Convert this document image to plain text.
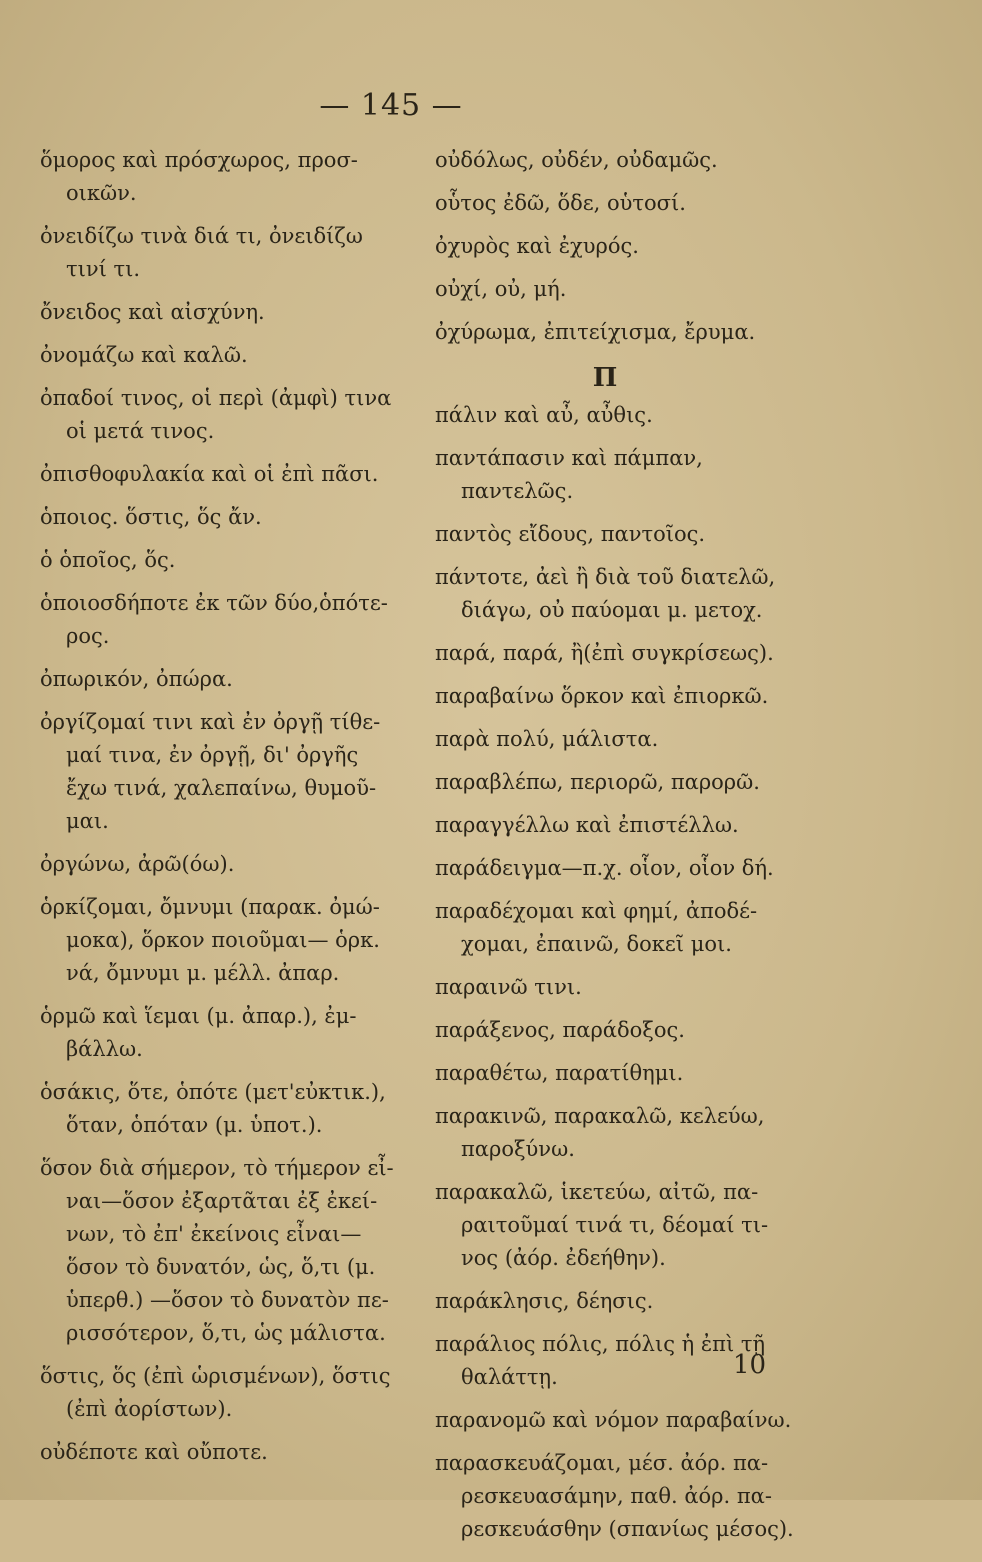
— 145 —
ὅμορος καὶ πρόσχωρος, προσ-
οικῶν.
ὀνειδίζω τινὰ διά τι, ὀνειδίζω
τινί τι.
ὄνειδος καὶ αἰσχύνη.
ὀνομάζω καὶ καλῶ.
ὀπαδοί τινος, οἱ περὶ (ἀμφὶ) τινα
οἱ μετά τινος.
ὀπισθοφυλακία καὶ οἱ ἐπὶ πᾶσι.
ὁποιος. ὅστις, ὅς ἄν.
ὁ ὁποῖος, ὅς.
ὁποιοσδήποτε ἐκ τῶν δύο,ὁπότε-
ρος.
ὀπωρικόν, ὀπώρα.
ὀργίζομαί τινι καὶ ἐν ὀργῇ τίθε-
μαί τινα, ἐν ὀργῇ, δι' ὀργῆς
ἔχω τινά, χαλεπαίνω, θυμοῦ-
μαι.
ὀργώνω, ἀρῶ(όω).
ὁρκίζομαι, ὄμνυμι (παρακ. ὀμώ-
μοκα), ὅρκον ποιοῦμαι— ὁρκ.
νά, ὄμνυμι μ. μέλλ. ἀπαρ.
ὁρμῶ καὶ ἵεμαι (μ. ἀπαρ.), ἐμ-
βάλλω.
ὁσάκις, ὅτε, ὁπότε (μετ'εὐκτικ.),
ὅταν, ὁπόταν (μ. ὑποτ.).
ὅσον διὰ σήμερον, τὸ τήμερον εἶ-
ναι—ὅσον ἐξαρτᾶται ἐξ ἐκεί-
νων, τὸ ἐπ' ἐκείνοις εἶναι—
ὅσον τὸ δυνατόν, ὡς, ὅ,τι (μ.
ὑπερθ.) —ὅσον τὸ δυνατὸν πε-
ρισσότερον, ὅ,τι, ὡς μάλιστα.
ὅστις, ὅς (ἐπὶ ὡρισμένων), ὅστις
(ἐπὶ ἀορίστων).
οὐδέποτε καὶ οὔποτε.
οὐδόλως, οὐδέν, οὐδαμῶς.
οὗτος ἐδῶ, ὅδε, οὑτοσί.
ὀχυρὸς καὶ ἐχυρός.
οὐχί, οὐ, μή.
ὀχύρωμα, ἐπιτείχισμα, ἔρυμα.
Π
πάλιν καὶ αὖ, αὖθις.
παντάπασιν καὶ πάμπαν,
παντελῶς.
παντὸς εἴδους, παντοῖος.
πάντοτε, ἀεὶ ἢ διὰ τοῦ διατελῶ,
διάγω, οὐ παύομαι μ. μετοχ.
παρά, παρά, ἢ(ἐπὶ συγκρίσεως).
παραβαίνω ὅρκον καὶ ἐπιορκῶ.
παρὰ πολύ, μάλιστα.
παραβλέπω, περιορῶ, παρορῶ.
παραγγέλλω καὶ ἐπιστέλλω.
παράδειγμα—π.χ. οἷον, οἷον δή.
παραδέχομαι καὶ φημί, ἀποδέ-
χομαι, ἐπαινῶ, δοκεῖ μοι.
παραινῶ τινι.
παράξενος, παράδοξος.
παραθέτω, παρατίθημι.
παρακινῶ, παρακαλῶ, κελεύω,
παροξύνω.
παρακαλῶ, ἱκετεύω, αἰτῶ, πα-
ραιτοῦμαί τινά τι, δέομαί τι-
νος (ἀόρ. ἐδεήθην).
παράκλησις, δέησις.
παράλιος πόλις, πόλις ἡ ἐπὶ τῇ
θαλάττῃ.
παρανομῶ καὶ νόμον παραβαίνω.
παρασκευάζομαι, μέσ. ἀόρ. πα-
ρεσκευασάμην, παθ. ἀόρ. πα-
ρεσκευάσθην (σπανίως μέσος).
10
